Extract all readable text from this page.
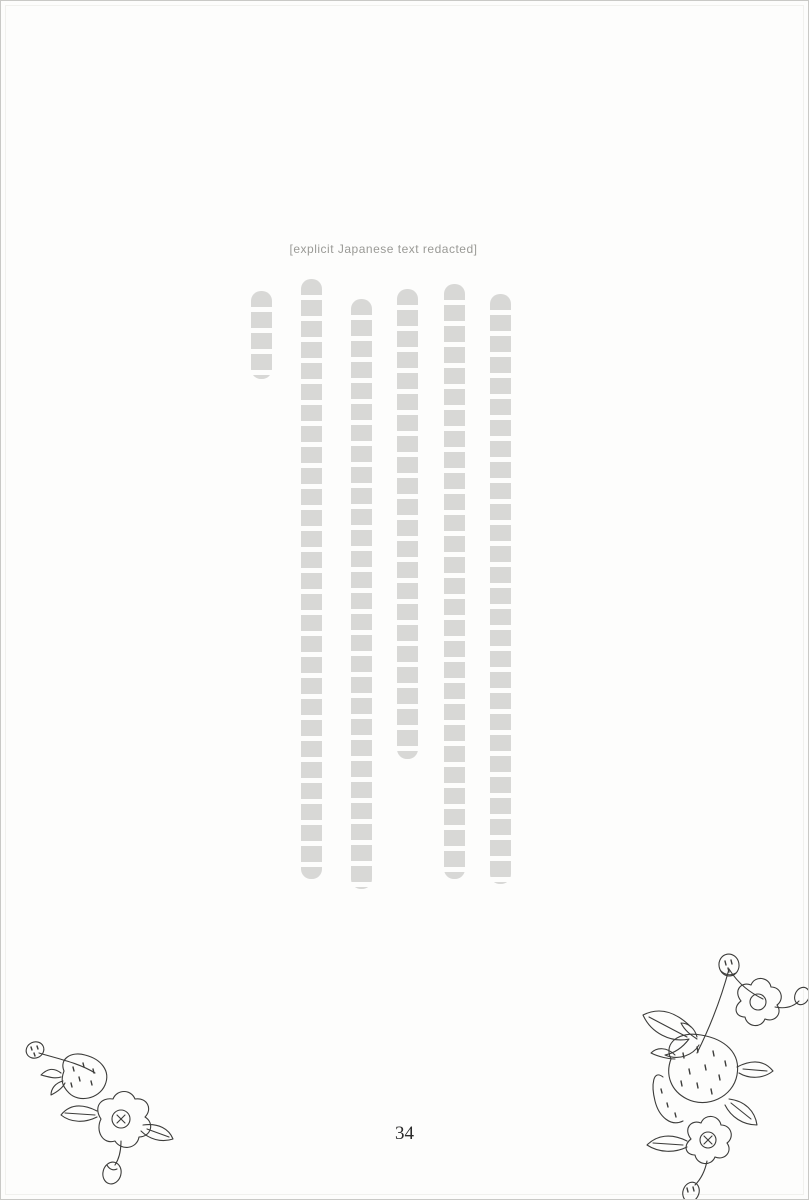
[explicit Japanese text redacted]
34
